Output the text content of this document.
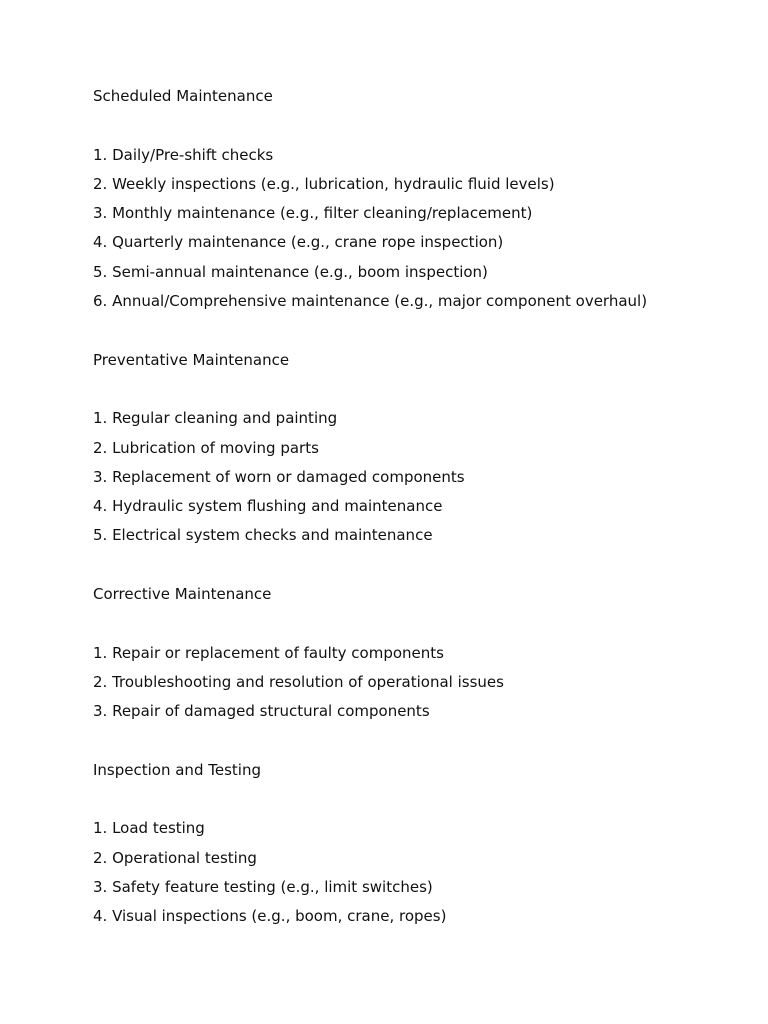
Scheduled Maintenance
1. Daily/Pre-shift checks
2. Weekly inspections (e.g., lubrication, hydraulic fluid levels)
3. Monthly maintenance (e.g., filter cleaning/replacement)
4. Quarterly maintenance (e.g., crane rope inspection)
5. Semi-annual maintenance (e.g., boom inspection)
6. Annual/Comprehensive maintenance (e.g., major component overhaul)
Preventative Maintenance
1. Regular cleaning and painting
2. Lubrication of moving parts
3. Replacement of worn or damaged components
4. Hydraulic system flushing and maintenance
5. Electrical system checks and maintenance
Corrective Maintenance
1. Repair or replacement of faulty components
2. Troubleshooting and resolution of operational issues
3. Repair of damaged structural components
Inspection and Testing
1. Load testing
2. Operational testing
3. Safety feature testing (e.g., limit switches)
4. Visual inspections (e.g., boom, crane, ropes)
